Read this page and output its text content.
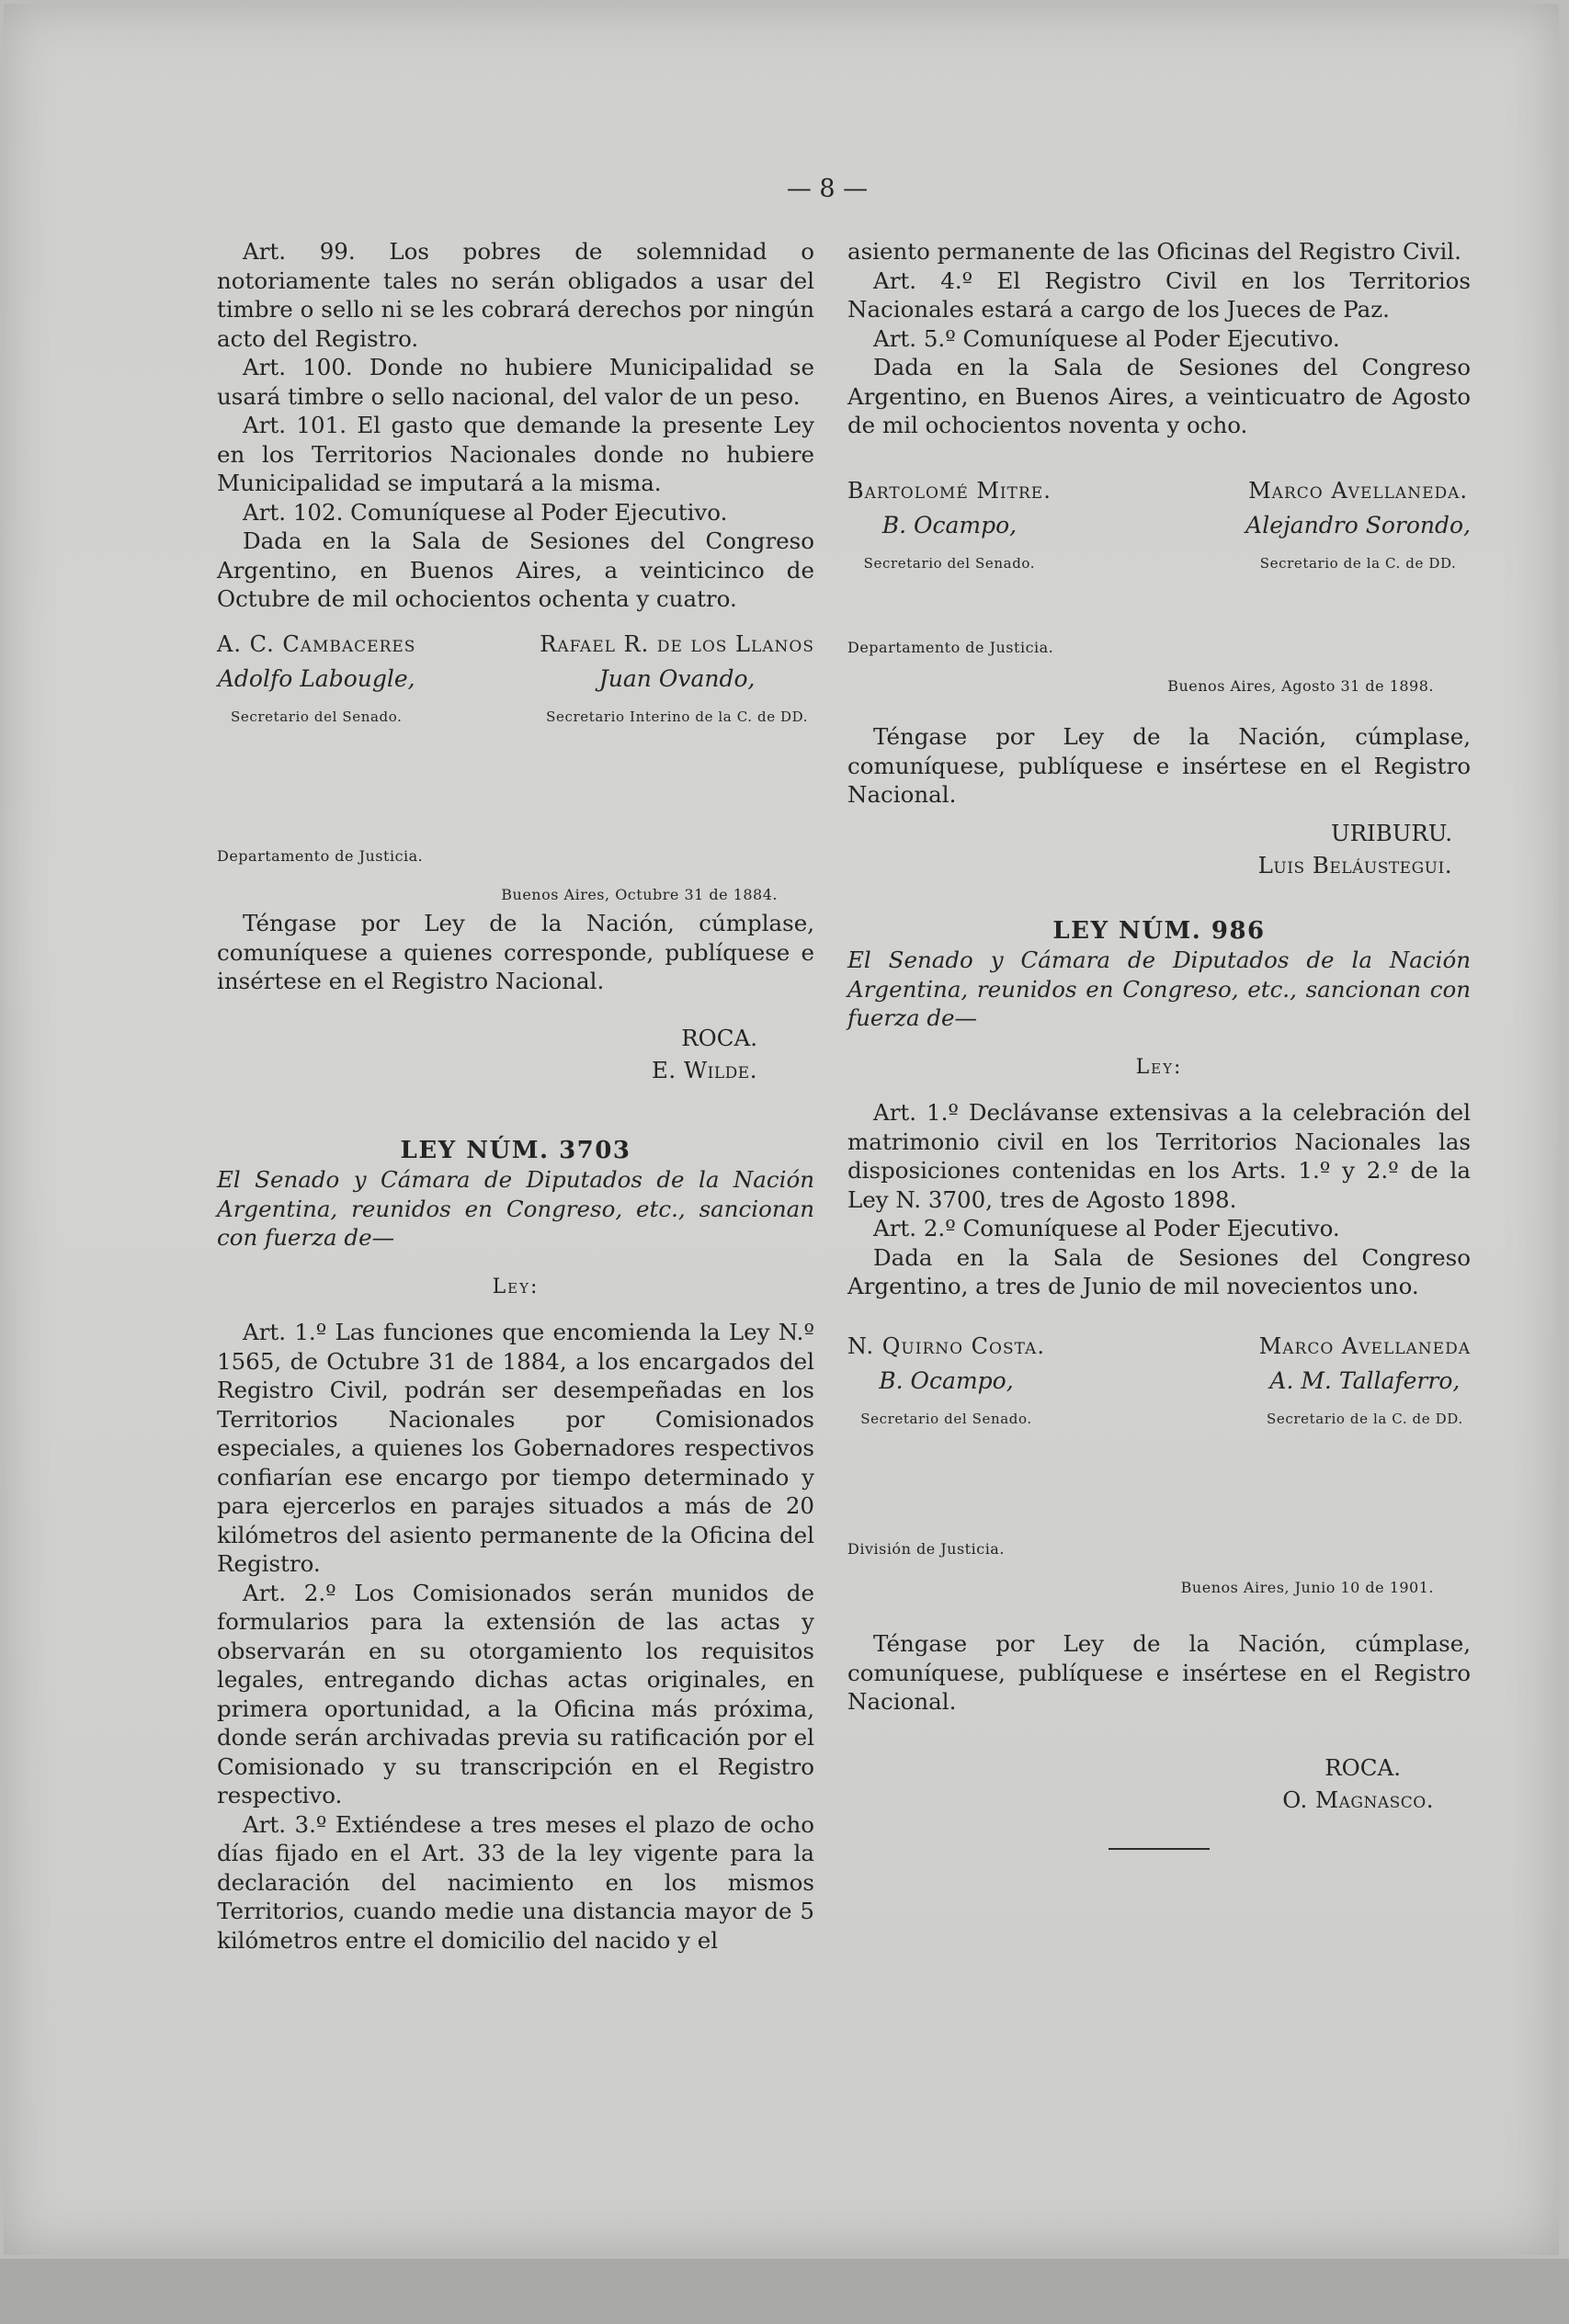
— 8 —

Art. 99. Los pobres de solemnidad o notoriamente tales no serán obligados a usar del timbre o sello ni se les cobrará derechos por ningún acto del Registro.

Art. 100. Donde no hubiere Municipalidad se usará timbre o sello nacional, del valor de un peso.

Art. 101. El gasto que demande la presente Ley en los Territorios Nacionales donde no hubiere Municipalidad se imputará a la misma.

Art. 102. Comuníquese al Poder Ejecutivo.

Dada en la Sala de Sesiones del Congreso Argentino, en Buenos Aires, a veinticinco de Octubre de mil ochocientos ochenta y cuatro.

A. C. Cambaceres
Adolfo Labougle,
Secretario del Senado.
Rafael R. de los Llanos
Juan Ovando,
Secretario Interino de la C. de DD.
Departamento de Justicia.
Buenos Aires, Octubre 31 de 1884.

Téngase por Ley de la Nación, cúmplase, comuníquese a quienes corresponde, publíquese e insértese en el Registro Nacional.

ROCA.
E. Wilde.
LEY NÚM. 3703

El Senado y Cámara de Diputados de la Nación Argentina, reunidos en Congreso, etc., sancionan con fuerza de—

Ley:

Art. 1.º Las funciones que encomienda la Ley N.º 1565, de Octubre 31 de 1884, a los encargados del Registro Civil, podrán ser desempeñadas en los Territorios Nacionales por Comisionados especiales, a quienes los Gobernadores respectivos confiarían ese encargo por tiempo determinado y para ejercerlos en parajes situados a más de 20 kilómetros del asiento permanente de la Oficina del Registro.

Art. 2.º Los Comisionados serán munidos de formularios para la extensión de las actas y observarán en su otorgamiento los requisitos legales, entregando dichas actas originales, en primera oportunidad, a la Oficina más próxima, donde serán archivadas previa su ratificación por el Comisionado y su transcripción en el Registro respectivo.

Art. 3.º Extiéndese a tres meses el plazo de ocho días fijado en el Art. 33 de la ley vigente para la declaración del nacimiento en los mismos Territorios, cuando medie una distancia mayor de 5 kilómetros entre el domicilio del nacido y el

asiento permanente de las Oficinas del Registro Civil.

Art. 4.º El Registro Civil en los Territorios Nacionales estará a cargo de los Jueces de Paz.

Art. 5.º Comuníquese al Poder Ejecutivo.

Dada en la Sala de Sesiones del Congreso Argentino, en Buenos Aires, a veinticuatro de Agosto de mil ochocientos noventa y ocho.

Bartolomé Mitre.
B. Ocampo,
Secretario del Senado.
Marco Avellaneda.
Alejandro Sorondo,
Secretario de la C. de DD.
Departamento de Justicia.
Buenos Aires, Agosto 31 de 1898.

Téngase por Ley de la Nación, cúmplase, comuníquese, publíquese e insértese en el Registro Nacional.

URIBURU.
Luis Beláustegui.
LEY NÚM. 986

El Senado y Cámara de Diputados de la Nación Argentina, reunidos en Congreso, etc., sancionan con fuerza de—

Ley:

Art. 1.º Declávanse extensivas a la celebración del matrimonio civil en los Territorios Nacionales las disposiciones contenidas en los Arts. 1.º y 2.º de la Ley N. 3700, tres de Agosto 1898.

Art. 2.º Comuníquese al Poder Ejecutivo.

Dada en la Sala de Sesiones del Congreso Argentino, a tres de Junio de mil novecientos uno.

N. Quirno Costa.
B. Ocampo,
Secretario del Senado.
Marco Avellaneda
A. M. Tallaferro,
Secretario de la C. de DD.
División de Justicia.
Buenos Aires, Junio 10 de 1901.

Téngase por Ley de la Nación, cúmplase, comuníquese, publíquese e insértese en el Registro Nacional.

ROCA.
O. Magnasco.
